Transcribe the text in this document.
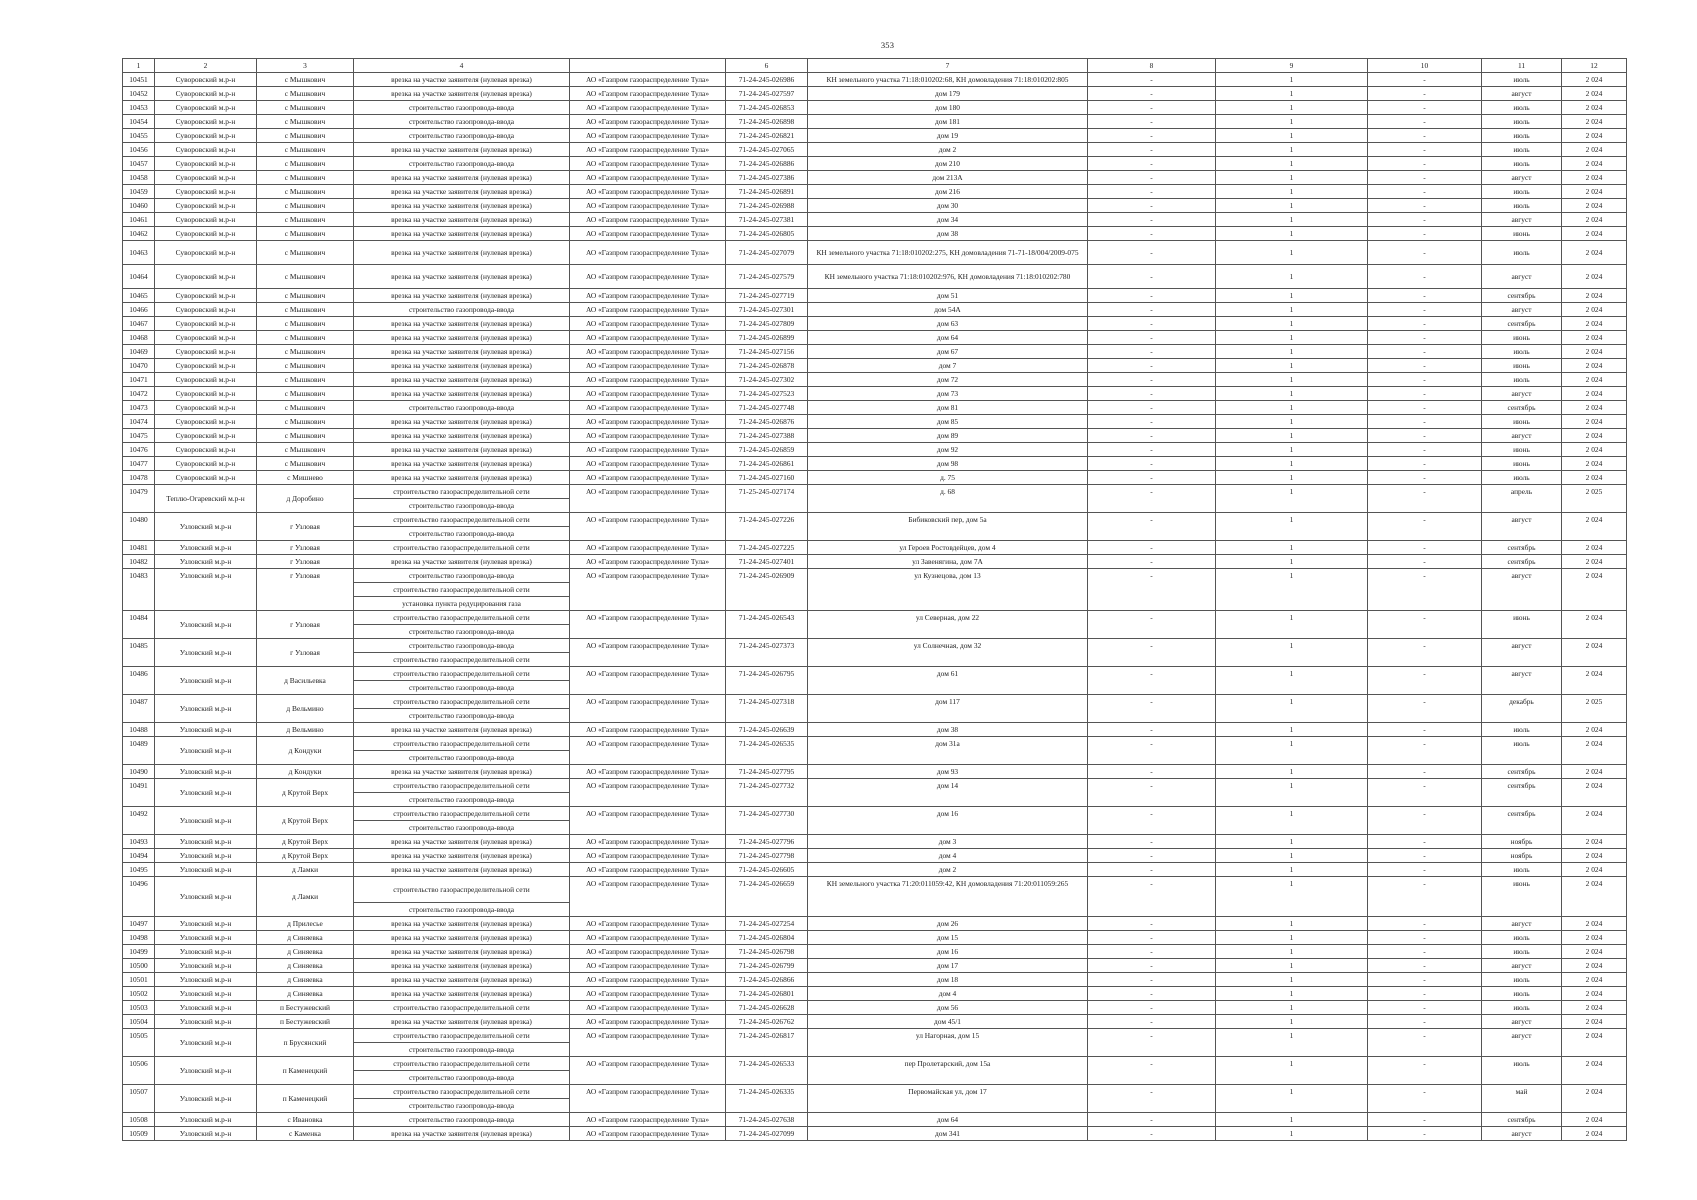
353
1	2	3	4		6	7	8	9	10	11	12
10451	Суворовский м.р-н	с Мышкович	врезка на участке заявителя (нулевая врезка)	АО «Газпром газораспределение Тула»	71-24-245-026986	КН земельного участка 71:18:010202:68, КН домовладения 71:18:010202:805	-	1	-	июль	2 024
10452	Суворовский м.р-н	с Мышкович	врезка на участке заявителя (нулевая врезка)	АО «Газпром газораспределение Тула»	71-24-245-027597	дом 179	-	1	-	август	2 024
10453	Суворовский м.р-н	с Мышкович	строительство газопровода-ввода	АО «Газпром газораспределение Тула»	71-24-245-026853	дом 180	-	1	-	июль	2 024
10454	Суворовский м.р-н	с Мышкович	строительство газопровода-ввода	АО «Газпром газораспределение Тула»	71-24-245-026898	дом 181	-	1	-	июль	2 024
10455	Суворовский м.р-н	с Мышкович	строительство газопровода-ввода	АО «Газпром газораспределение Тула»	71-24-245-026821	дом 19	-	1	-	июль	2 024
10456	Суворовский м.р-н	с Мышкович	врезка на участке заявителя (нулевая врезка)	АО «Газпром газораспределение Тула»	71-24-245-027065	дом 2	-	1	-	июль	2 024
10457	Суворовский м.р-н	с Мышкович	строительство газопровода-ввода	АО «Газпром газораспределение Тула»	71-24-245-026886	дом 210	-	1	-	июль	2 024
10458	Суворовский м.р-н	с Мышкович	врезка на участке заявителя (нулевая врезка)	АО «Газпром газораспределение Тула»	71-24-245-027386	дом 213А	-	1	-	август	2 024
10459	Суворовский м.р-н	с Мышкович	врезка на участке заявителя (нулевая врезка)	АО «Газпром газораспределение Тула»	71-24-245-026891	дом 216	-	1	-	июль	2 024
10460	Суворовский м.р-н	с Мышкович	врезка на участке заявителя (нулевая врезка)	АО «Газпром газораспределение Тула»	71-24-245-026988	дом 30	-	1	-	июль	2 024
10461	Суворовский м.р-н	с Мышкович	врезка на участке заявителя (нулевая врезка)	АО «Газпром газораспределение Тула»	71-24-245-027381	дом 34	-	1	-	август	2 024
10462	Суворовский м.р-н	с Мышкович	врезка на участке заявителя (нулевая врезка)	АО «Газпром газораспределение Тула»	71-24-245-026805	дом 38	-	1	-	июнь	2 024
10463	Суворовский м.р-н	с Мышкович	врезка на участке заявителя (нулевая врезка)	АО «Газпром газораспределение Тула»	71-24-245-027079	КН земельного участка 71:18:010202:275, КН домовладения 71-71-18/004/2009-075	-	1	-	июль	2 024
10464	Суворовский м.р-н	с Мышкович	врезка на участке заявителя (нулевая врезка)	АО «Газпром газораспределение Тула»	71-24-245-027579	КН земельного участка 71:18:010202:976, КН домовладения 71:18:010202:780	-	1	-	август	2 024
10465	Суворовский м.р-н	с Мышкович	врезка на участке заявителя (нулевая врезка)	АО «Газпром газораспределение Тула»	71-24-245-027719	дом 51	-	1	-	сентябрь	2 024
10466	Суворовский м.р-н	с Мышкович	строительство газопровода-ввода	АО «Газпром газораспределение Тула»	71-24-245-027301	дом 54А	-	1	-	август	2 024
10467	Суворовский м.р-н	с Мышкович	врезка на участке заявителя (нулевая врезка)	АО «Газпром газораспределение Тула»	71-24-245-027809	дом 63	-	1	-	сентябрь	2 024
10468	Суворовский м.р-н	с Мышкович	врезка на участке заявителя (нулевая врезка)	АО «Газпром газораспределение Тула»	71-24-245-026899	дом 64	-	1	-	июнь	2 024
10469	Суворовский м.р-н	с Мышкович	врезка на участке заявителя (нулевая врезка)	АО «Газпром газораспределение Тула»	71-24-245-027156	дом 67	-	1	-	июль	2 024
10470	Суворовский м.р-н	с Мышкович	врезка на участке заявителя (нулевая врезка)	АО «Газпром газораспределение Тула»	71-24-245-026878	дом 7	-	1	-	июнь	2 024
10471	Суворовский м.р-н	с Мышкович	врезка на участке заявителя (нулевая врезка)	АО «Газпром газораспределение Тула»	71-24-245-027302	дом 72	-	1	-	июль	2 024
10472	Суворовский м.р-н	с Мышкович	врезка на участке заявителя (нулевая врезка)	АО «Газпром газораспределение Тула»	71-24-245-027523	дом 73	-	1	-	август	2 024
10473	Суворовский м.р-н	с Мышкович	строительство газопровода-ввода	АО «Газпром газораспределение Тула»	71-24-245-027748	дом 81	-	1	-	сентябрь	2 024
10474	Суворовский м.р-н	с Мышкович	врезка на участке заявителя (нулевая врезка)	АО «Газпром газораспределение Тула»	71-24-245-026876	дом 85	-	1	-	июнь	2 024
10475	Суворовский м.р-н	с Мышкович	врезка на участке заявителя (нулевая врезка)	АО «Газпром газораспределение Тула»	71-24-245-027388	дом 89	-	1	-	август	2 024
10476	Суворовский м.р-н	с Мышкович	врезка на участке заявителя (нулевая врезка)	АО «Газпром газораспределение Тула»	71-24-245-026859	дом 92	-	1	-	июнь	2 024
10477	Суворовский м.р-н	с Мышкович	врезка на участке заявителя (нулевая врезка)	АО «Газпром газораспределение Тула»	71-24-245-026861	дом 98	-	1	-	июнь	2 024
10478	Суворовский м.р-н	с Мишнево	врезка на участке заявителя (нулевая врезка)	АО «Газпром газораспределение Тула»	71-24-245-027160	д. 75	-	1	-	июль	2 024
10479	Теплю-Огаревский м.р-н	д Доробино	строительство газораспределительной сети	АО «Газпром газораспределение Тула»	71-25-245-027174	д. 68	-	1	-	апрель	2 025
			строительство газопровода-ввода								
10480	Узловский м.р-н	г Узловая	строительство газораспределительной сети	АО «Газпром газораспределение Тула»	71-24-245-027226	Бибиковский пер, дом 5а	-	1	-	август	2 024
			строительство газопровода-ввода								
10481	Узловский м.р-н	г Узловая	строительство газораспределительной сети	АО «Газпром газораспределение Тула»	71-24-245-027225	ул Героев Ростовдейцев, дом 4	-	1	-	сентябрь	2 024
10482	Узловский м.р-н	г Узловая	врезка на участке заявителя (нулевая врезка)	АО «Газпром газораспределение Тула»	71-24-245-027401	ул Завенягина, дом 7А	-	1	-	сентябрь	2 024
10483	Узловский м.р-н	г Узловая	строительство газопровода-ввода	АО «Газпром газораспределение Тула»	71-24-245-026909	ул Кузнецова, дом 13	-	1	-	август	2 024
			строительство газораспределительной сети								
			установка пункта редуцирования газа								
10484	Узловский м.р-н	г Узловая	строительство газораспределительной сети	АО «Газпром газораспределение Тула»	71-24-245-026543	ул Северная, дом 22	-	1	-	июнь	2 024
			строительство газопровода-ввода								
10485	Узловский м.р-н	г Узловая	строительство газопровода-ввода	АО «Газпром газораспределение Тула»	71-24-245-027373	ул Солнечная, дом 32	-	1	-	август	2 024
			строительство газораспределительной сети								
10486	Узловский м.р-н	д Васильевка	строительство газораспределительной сети	АО «Газпром газораспределение Тула»	71-24-245-026795	дом 61	-	1	-	август	2 024
			строительство газопровода-ввода								
10487	Узловский м.р-н	д Вельмино	строительство газораспределительной сети	АО «Газпром газораспределение Тула»	71-24-245-027318	дом 117	-	1	-	декабрь	2 025
			строительство газопровода-ввода								
10488	Узловский м.р-н	д Вельмино	врезка на участке заявителя (нулевая врезка)	АО «Газпром газораспределение Тула»	71-24-245-026639	дом 38	-	1	-	июль	2 024
10489	Узловский м.р-н	д Кондуки	строительство газораспределительной сети	АО «Газпром газораспределение Тула»	71-24-245-026535	дом 31а	-	1	-	июль	2 024
			строительство газопровода-ввода								
10490	Узловский м.р-н	д Кондуки	врезка на участке заявителя (нулевая врезка)	АО «Газпром газораспределение Тула»	71-24-245-027795	дом 93	-	1	-	сентябрь	2 024
10491	Узловский м.р-н	д Крутой Верх	строительство газораспределительной сети	АО «Газпром газораспределение Тула»	71-24-245-027732	дом 14	-	1	-	сентябрь	2 024
			строительство газопровода-ввода								
10492	Узловский м.р-н	д Крутой Верх	строительство газораспределительной сети	АО «Газпром газораспределение Тула»	71-24-245-027730	дом 16	-	1	-	сентябрь	2 024
			строительство газопровода-ввода								
10493	Узловский м.р-н	д Крутой Верх	врезка на участке заявителя (нулевая врезка)	АО «Газпром газораспределение Тула»	71-24-245-027796	дом 3	-	1	-	ноябрь	2 024
10494	Узловский м.р-н	д Крутой Верх	врезка на участке заявителя (нулевая врезка)	АО «Газпром газораспределение Тула»	71-24-245-027798	дом 4	-	1	-	ноябрь	2 024
10495	Узловский м.р-н	д Ламки	врезка на участке заявителя (нулевая врезка)	АО «Газпром газораспределение Тула»	71-24-245-026605	дом 2	-	1	-	июль	2 024
10496	Узловский м.р-н	д Ламки	строительство газораспределительной сети	АО «Газпром газораспределение Тула»	71-24-245-026659	КН земельного участка 71:20:011059:42, КН домовладения 71:20:011059:265	-	1	-	июнь	2 024
			строительство газопровода-ввода								
10497	Узловский м.р-н	д Прилесье	врезка на участке заявителя (нулевая врезка)	АО «Газпром газораспределение Тула»	71-24-245-027254	дом 26	-	1	-	август	2 024
10498	Узловский м.р-н	д Синяевка	врезка на участке заявителя (нулевая врезка)	АО «Газпром газораспределение Тула»	71-24-245-026804	дом 15	-	1	-	июль	2 024
10499	Узловский м.р-н	д Синяевка	врезка на участке заявителя (нулевая врезка)	АО «Газпром газораспределение Тула»	71-24-245-026798	дом 16	-	1	-	июль	2 024
10500	Узловский м.р-н	д Синяевка	врезка на участке заявителя (нулевая врезка)	АО «Газпром газораспределение Тула»	71-24-245-026799	дом 17	-	1	-	август	2 024
10501	Узловский м.р-н	д Синяевка	врезка на участке заявителя (нулевая врезка)	АО «Газпром газораспределение Тула»	71-24-245-026866	дом 18	-	1	-	июль	2 024
10502	Узловский м.р-н	д Синяевка	врезка на участке заявителя (нулевая врезка)	АО «Газпром газораспределение Тула»	71-24-245-026801	дом 4	-	1	-	июль	2 024
10503	Узловский м.р-н	п Бестужевский	строительство газораспределительной сети	АО «Газпром газораспределение Тула»	71-24-245-026628	дом 56	-	1	-	июль	2 024
10504	Узловский м.р-н	п Бестужевский	врезка на участке заявителя (нулевая врезка)	АО «Газпром газораспределение Тула»	71-24-245-026762	дом 45/1	-	1	-	август	2 024
10505	Узловский м.р-н	п Брусянский	строительство газораспределительной сети	АО «Газпром газораспределение Тула»	71-24-245-026817	ул Нагорная, дом 15	-	1	-	август	2 024
			строительство газопровода-ввода								
10506	Узловский м.р-н	п Каменецкий	строительство газораспределительной сети	АО «Газпром газораспределение Тула»	71-24-245-026533	пер Пролетарский, дом 15а	-	1	-	июль	2 024
			строительство газопровода-ввода								
10507	Узловский м.р-н	п Каменецкий	строительство газораспределительной сети	АО «Газпром газораспределение Тула»	71-24-245-026335	Первомайская ул, дом 17	-	1	-	май	2 024
			строительство газопровода-ввода								
10508	Узловский м.р-н	с Ивановка	строительство газопровода-ввода	АО «Газпром газораспределение Тула»	71-24-245-027638	дом 64	-	1	-	сентябрь	2 024
10509	Узловский м.р-н	с Каменка	врезка на участке заявителя (нулевая врезка)	АО «Газпром газораспределение Тула»	71-24-245-027099	дом 341	-	1	-	август	2 024
